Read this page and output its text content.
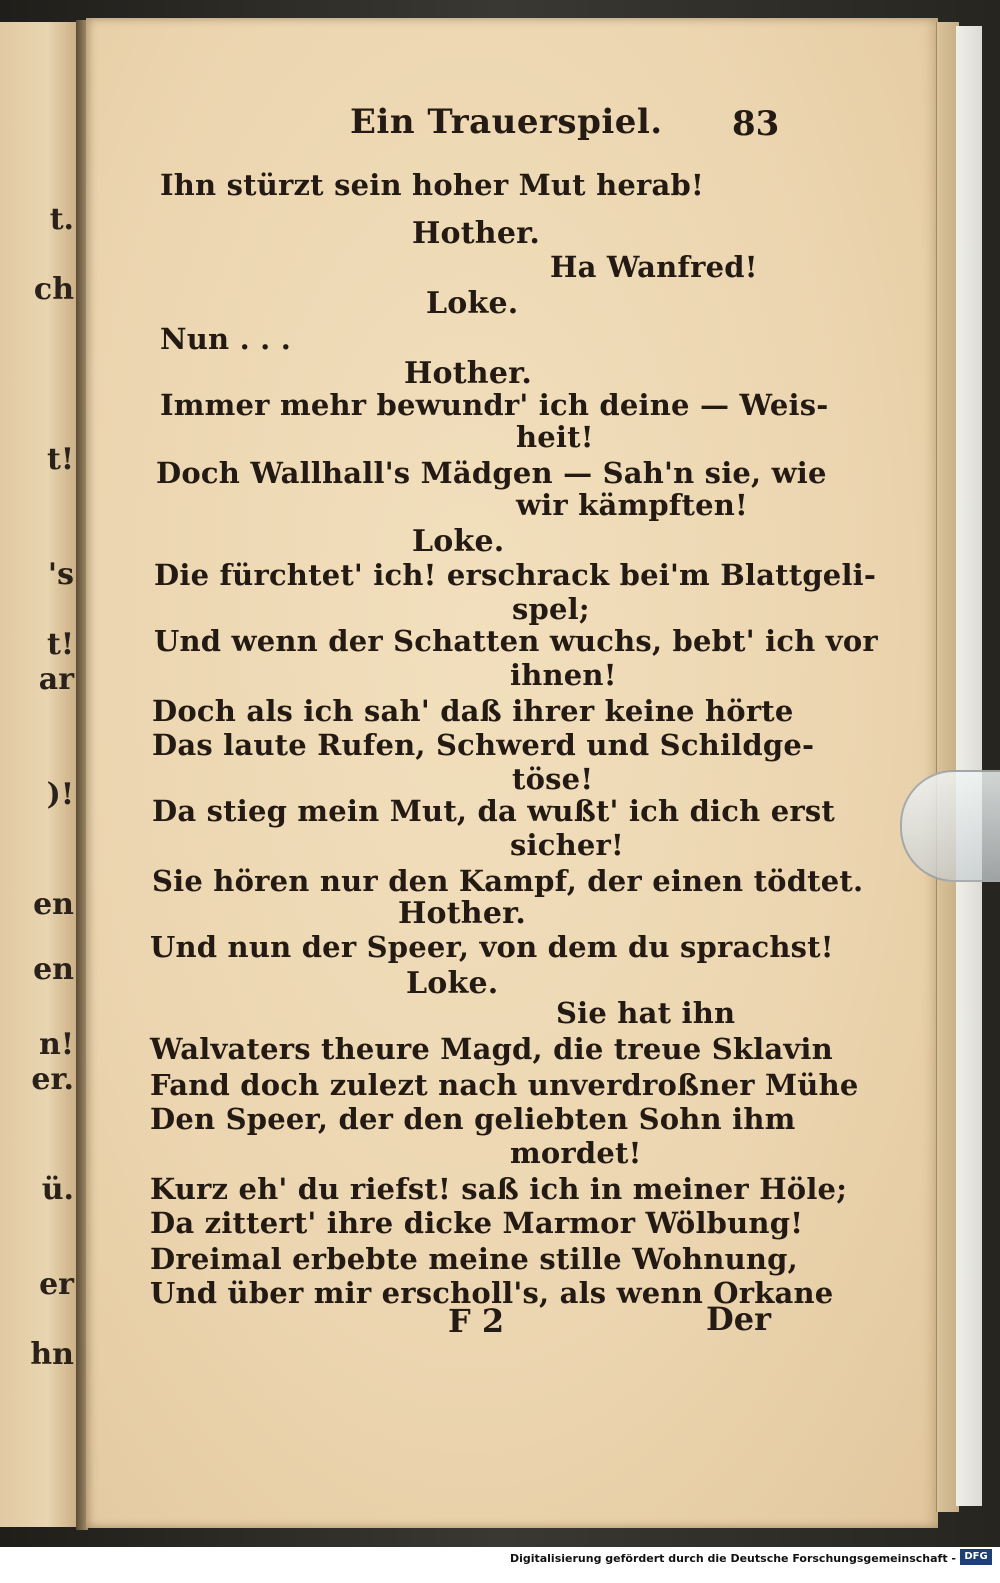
t.
ch
t!
's
t!
ar
)!
en
en
n!
er.
ü.
er
hn
Ein Trauerspiel. 83
Ihn stürzt sein hoher Mut herab!
Hother.
Ha Wanfred!
Loke.
Nun . . .
Hother.
Immer mehr bewundr' ich deine — Weis-
heit!
Doch Wallhall's Mädgen — Sah'n sie, wie
wir kämpften!
Loke.
Die fürchtet' ich! erschrack bei'm Blattgeli-
spel;
Und wenn der Schatten wuchs, bebt' ich vor
ihnen!
Doch als ich sah' daß ihrer keine hörte
Das laute Rufen, Schwerd und Schildge-
töse!
Da stieg mein Mut, da wußt' ich dich erst
sicher!
Sie hören nur den Kampf, der einen tödtet.
Hother.
Und nun der Speer, von dem du sprachst!
Loke.
Sie hat ihn
Walvaters theure Magd, die treue Sklavin
Fand doch zulezt nach unverdroßner Mühe
Den Speer, der den geliebten Sohn ihm
mordet!
Kurz eh' du riefst! saß ich in meiner Höle;
Da zittert' ihre dicke Marmor Wölbung!
Dreimal erbebte meine stille Wohnung,
Und über mir erscholl's, als wenn Orkane
F 2	Der
Digitalisierung gefördert durch die Deutsche Forschungsgemeinschaft - DFG
